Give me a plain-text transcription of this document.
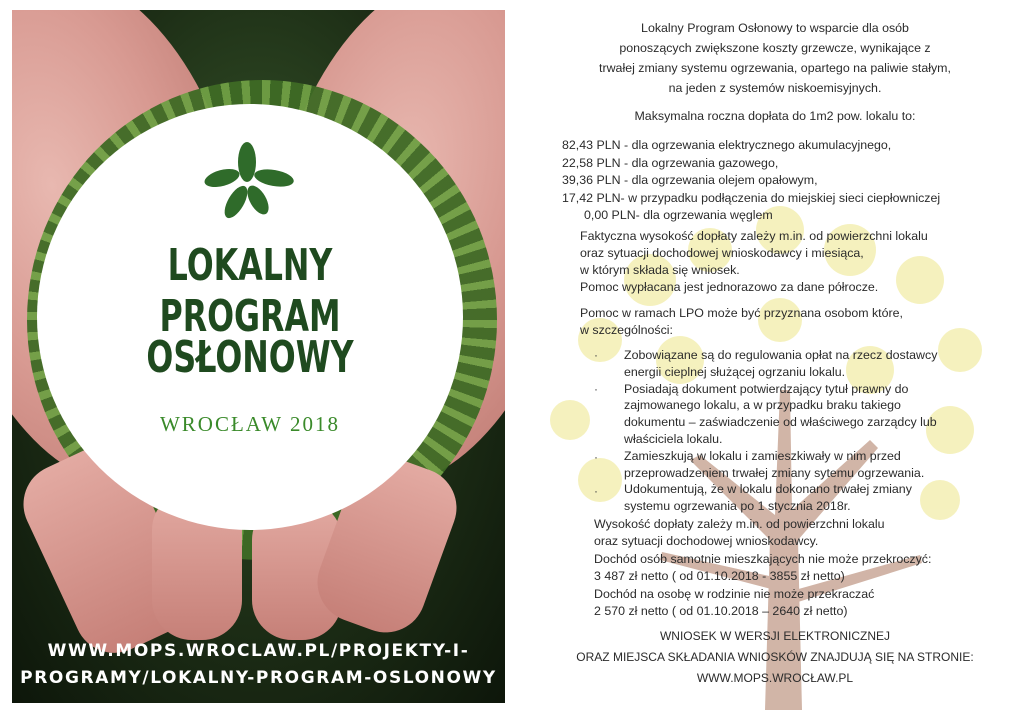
LOKALNY PROGRAM
OSŁONOWY
WROCŁAW 2018
WWW.MOPS.WROCLAW.PL/PROJEKTY-I-
PROGRAMY/LOKALNY-PROGRAM-OSLONOWY
Lokalny Program Osłonowy to wsparcie dla osób
ponoszących zwiększone koszty grzewcze, wynikające z
trwałej zmiany systemu ogrzewania, opartego na paliwie stałym,
na jeden z systemów niskoemisyjnych.
Maksymalna roczna dopłata do 1m2 pow. lokalu to:
82,43 PLN - dla ogrzewania elektrycznego akumulacyjnego,
22,58 PLN - dla ogrzewania gazowego,
39,36 PLN - dla ogrzewania olejem opałowym,
17,42 PLN- w przypadku podłączenia do miejskiej sieci ciepłowniczej
0,00 PLN- dla ogrzewania węglem
Faktyczna wysokość dopłaty zależy m.in. od powierzchni lokalu
oraz sytuacji dochodowej wnioskodawcy i miesiąca,
w którym składa się wniosek.
Pomoc wypłacana jest jednorazowo za dane półrocze.
Pomoc w ramach LPO może być przyznana osobom które,
w szczególności:
· Zobowiązane są do regulowania opłat na rzecz dostawcy
energii cieplnej służącej ogrzaniu lokalu.
· Posiadają dokument potwierdzający tytuł prawny do
zajmowanego lokalu, a w przypadku braku takiego
dokumentu – zaświadczenie od właściwego zarządcy lub
właściciela lokalu.
· Zamieszkują w lokalu i zamieszkiwały w nim przed
przeprowadzeniem trwałej zmiany sytemu ogrzewania.
· Udokumentują, że w lokalu dokonano trwałej zmiany
systemu ogrzewania po 1 stycznia 2018r.
Wysokość dopłaty zależy m.in. od powierzchni lokalu
oraz sytuacji dochodowej wnioskodawcy.
Dochód osób samotnie mieszkających nie może przekroczyć:
3 487 zł netto ( od 01.10.2018 - 3855 zł netto)
Dochód na osobę w rodzinie nie może przekraczać
2 570 zł netto ( od 01.10.2018 – 2640 zł netto)
WNIOSEK W WERSJI ELEKTRONICZNEJ
ORAZ MIEJSCA SKŁADANIA WNIOSKÓW ZNAJDUJĄ SIĘ NA STRONIE:
WWW.MOPS.WROCŁAW.PL
